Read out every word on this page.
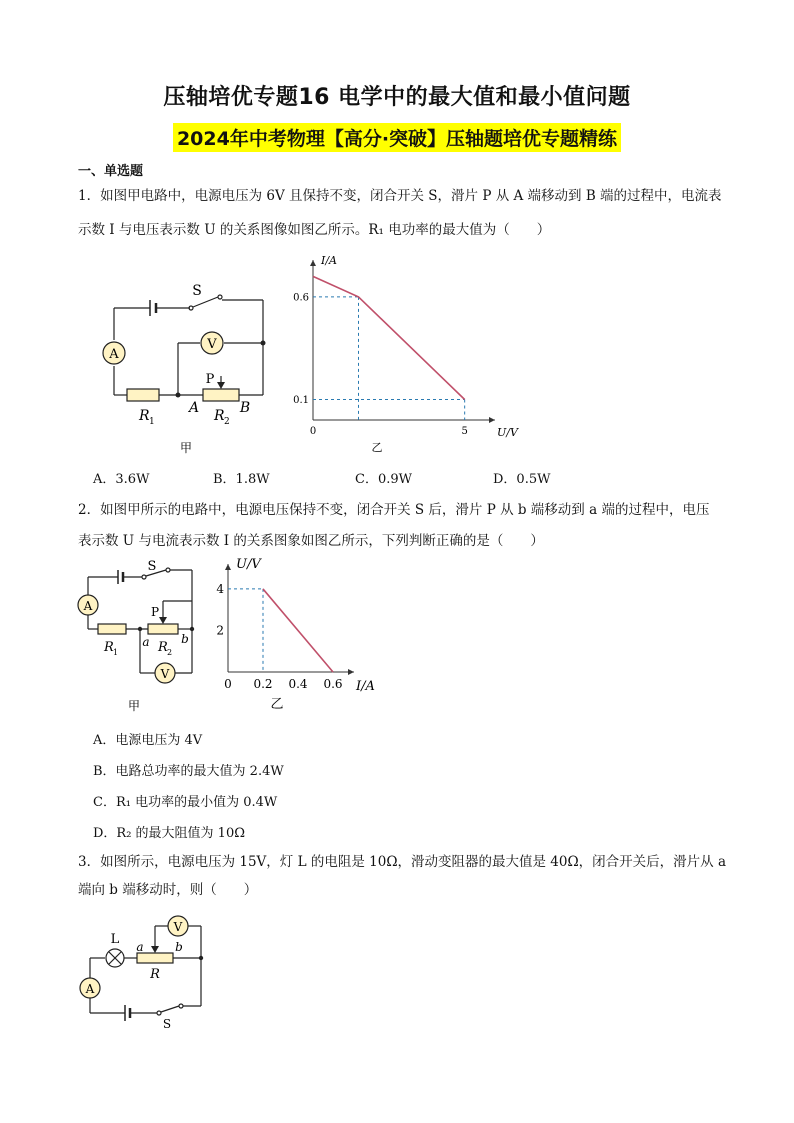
压轴培优专题16 电学中的最大值和最小值问题
2024年中考物理【高分·突破】压轴题培优专题精练
一、单选题
1．如图甲电路中，电源电压为 6V 且保持不变，闭合开关 S，滑片 P 从 A 端移动到 B 端的过程中，电流表
示数 I 与电压表示数 U 的关系图像如图乙所示。R₁ 电功率的最大值为（　　）
A
V
S
P
A	B
R 1	R 2
甲
0	5
0.6
0.1
U/V
I/A
乙
A．3.6W	B．1.8W	C．0.9W	D．0.5W
2．如图甲所示的电路中，电源电压保持不变，闭合开关 S 后，滑片 P 从 b 端移动到 a 端的过程中，电压
表示数 U 与电流表示数 I 的关系图象如图乙所示，下列判断正确的是（　　）
A
V
S
P
a	b
R 1	R 2
甲
0 0.2 0.4 0.6
4
2
I/A
U/V
乙
A．电源电压为 4V
B．电路总功率的最大值为 2.4W
C．R₁ 电功率的最小值为 0.4W
D．R₂ 的最大阻值为 10Ω
3．如图所示，电源电压为 15V，灯 L 的电阻是 10Ω，滑动变阻器的最大值是 40Ω，闭合开关后，滑片从 a
端向 b 端移动时，则（　　）
A
V
L a	b
R
S
